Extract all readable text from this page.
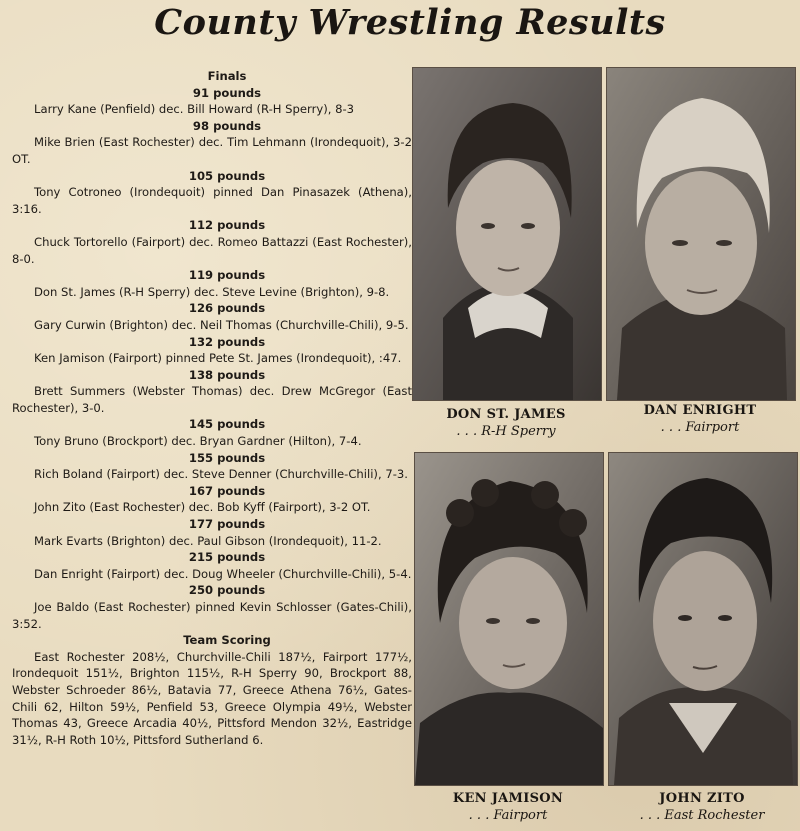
County Wrestling Results
Finals
91 pounds
Larry Kane (Penfield) dec. Bill Howard (R-H Sperry), 8-3
98 pounds
Mike Brien (East Rochester) dec. Tim Lehmann (Irondequoit), 3-2 OT.
105 pounds
Tony Cotroneo (Irondequoit) pinned Dan Pinasazek (Athena), 3:16.
112 pounds
Chuck Tortorello (Fairport) dec. Romeo Battazzi (East Rochester), 8-0.
119 pounds
Don St. James (R-H Sperry) dec. Steve Levine (Brighton), 9-8.
126 pounds
Gary Curwin (Brighton) dec. Neil Thomas (Churchville-Chili), 9-5.
132 pounds
Ken Jamison (Fairport) pinned Pete St. James (Irondequoit), :47.
138 pounds
Brett Summers (Webster Thomas) dec. Drew McGregor (East Rochester), 3-0.
145 pounds
Tony Bruno (Brockport) dec. Bryan Gardner (Hilton), 7-4.
155 pounds
Rich Boland (Fairport) dec. Steve Denner (Churchville-Chili), 7-3.
167 pounds
John Zito (East Rochester) dec. Bob Kyff (Fairport), 3-2 OT.
177 pounds
Mark Evarts (Brighton) dec. Paul Gibson (Irondequoit), 11-2.
215 pounds
Dan Enright (Fairport) dec. Doug Wheeler (Churchville-Chili), 5-4.
250 pounds
Joe Baldo (East Rochester) pinned Kevin Schlosser (Gates-Chili), 3:52.
Team Scoring
East Rochester 208½, Churchville-Chili 187½, Fairport 177½, Irondequoit 151½, Brighton 115½, R-H Sperry 90, Brockport 88, Webster Schroeder 86½, Batavia 77, Greece Athena 76½, Gates-Chili 62, Hilton 59½, Penfield 53, Greece Olympia 49½, Webster Thomas 43, Greece Arcadia 40½, Pittsford Mendon 32½, Eastridge 31½, R-H Roth 10½, Pittsford Sutherland 6.
DON ST. JAMES
. . . R-H Sperry
DAN ENRIGHT
. . . Fairport
KEN JAMISON
. . . Fairport
JOHN ZITO
. . . East Rochester
